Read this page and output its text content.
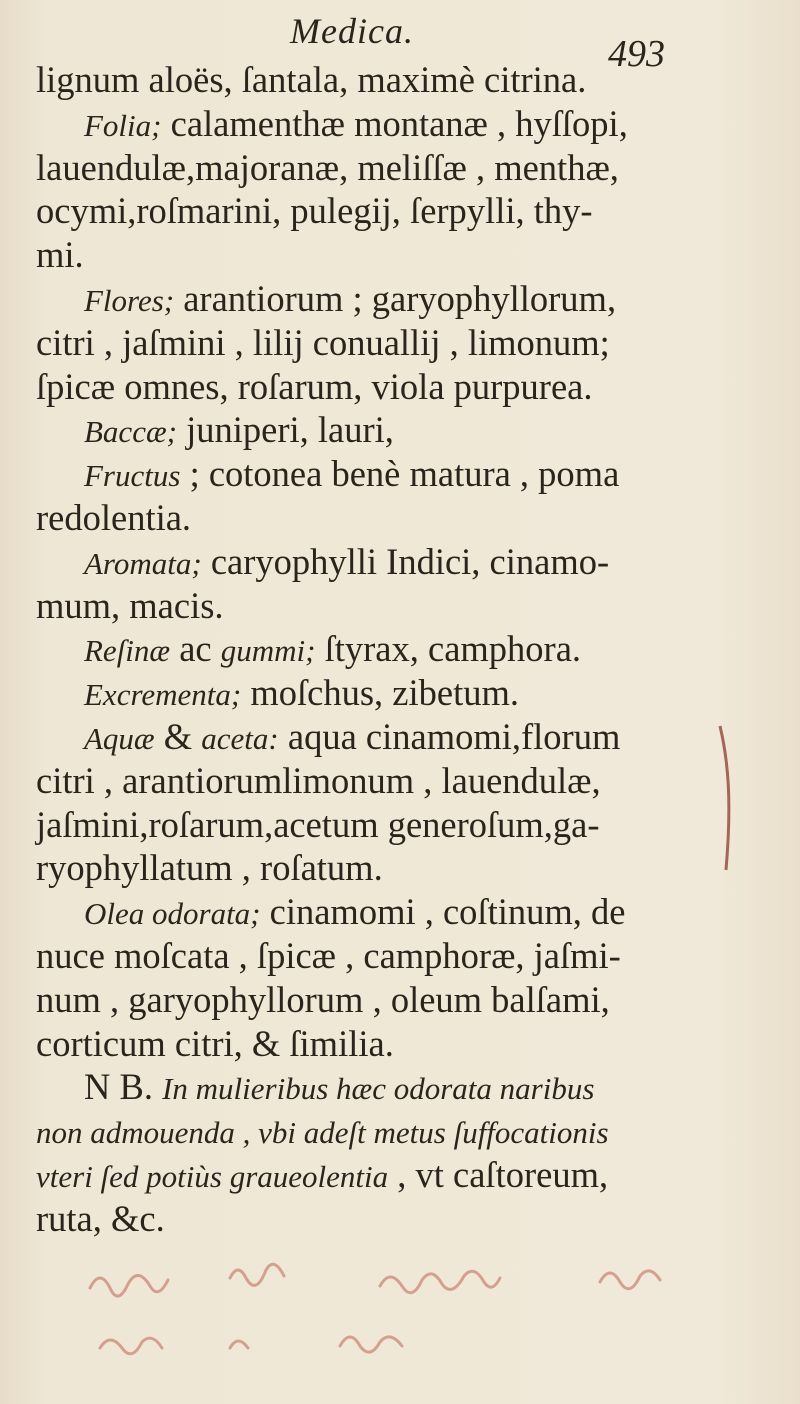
Medica.
493
lignum aloës, ſantala, maximè citrina.
Folia; calamenthæ montanæ , hyſſopi,
lauendulæ,majoranæ, meliſſæ , menthæ,
ocymi,roſmarini, pulegij, ſerpylli, thy-
mi.
Flores; arantiorum ; garyophyllorum,
citri , jaſmini , lilij conuallij , limonum;
ſpicæ omnes, roſarum, viola purpurea.
Baccæ; juniperi, lauri,
Fructus ; cotonea benè matura , poma
redolentia.
Aromata; caryophylli Indici, cinamo-
mum, macis.
Reſinæ ac gummi; ſtyrax, camphora.
Excrementa; moſchus, zibetum.
Aquæ & aceta: aqua cinamomi,florum
citri , arantiorumlimonum , lauendulæ,
jaſmini,roſarum,acetum generoſum,ga-
ryophyllatum , roſatum.
Olea odorata; cinamomi , coſtinum, de
nuce moſcata , ſpicæ , camphoræ, jaſmi-
num , garyophyllorum , oleum balſami,
corticum citri, & ſimilia.
N B. In mulieribus hæc odorata naribus
non admouenda , vbi adeſt metus ſuffocationis
vteri ſed potiùs graueolentia , vt caſtoreum,
ruta, &c.
